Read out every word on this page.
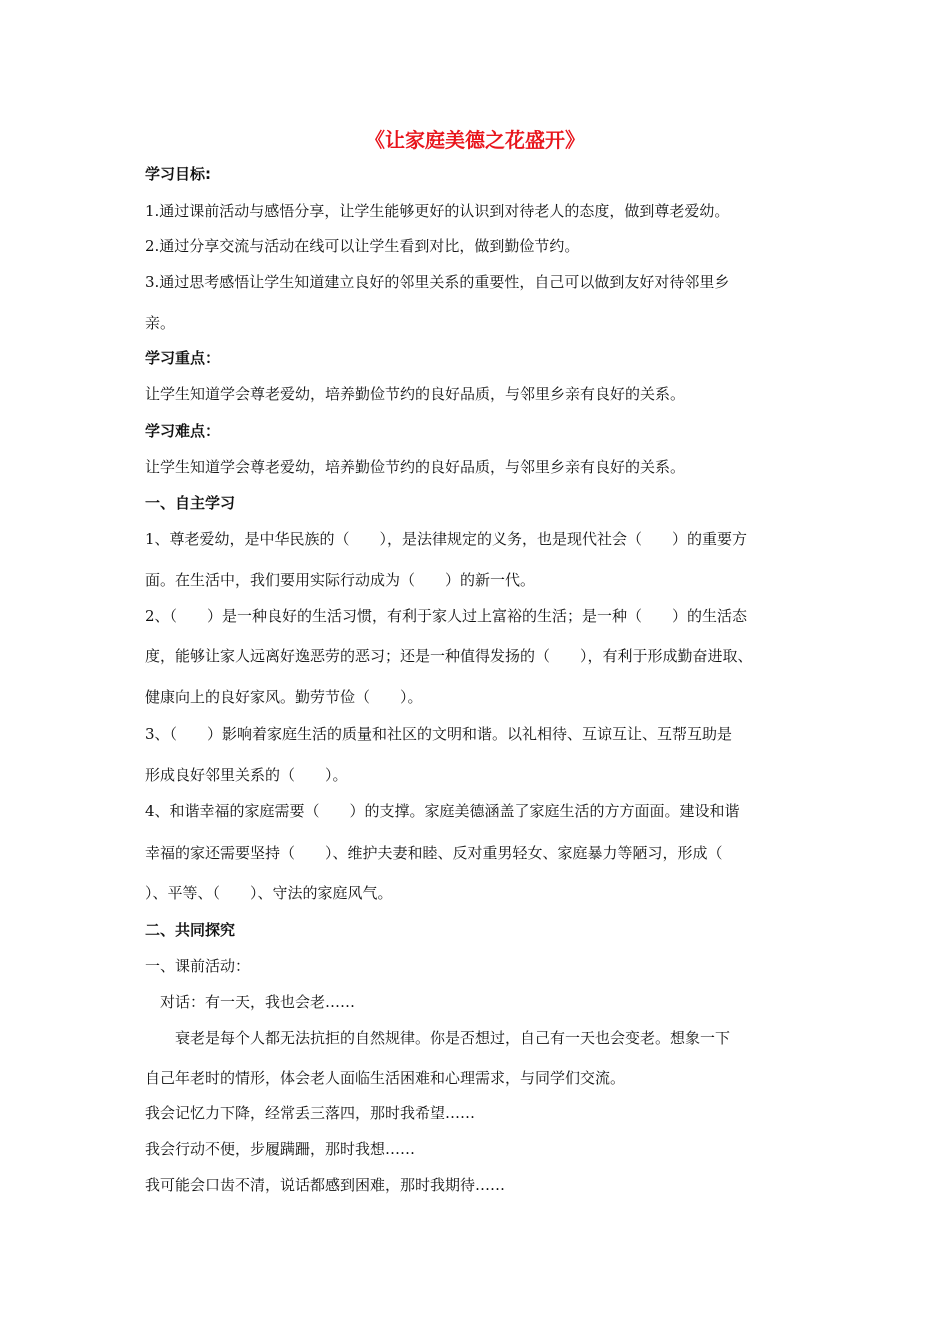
《让家庭美德之花盛开》
学习目标:
1.通过课前活动与感悟分享，让学生能够更好的认识到对待老人的态度，做到尊老爱幼。
2.通过分享交流与活动在线可以让学生看到对比，做到勤俭节约。
3.通过思考感悟让学生知道建立良好的邻里关系的重要性，自己可以做到友好对待邻里乡
亲。
学习重点：
让学生知道学会尊老爱幼，培养勤俭节约的良好品质，与邻里乡亲有良好的关系。
学习难点：
让学生知道学会尊老爱幼，培养勤俭节约的良好品质，与邻里乡亲有良好的关系。
一、自主学习
1、尊老爱幼，是中华民族的（　　），是法律规定的义务，也是现代社会（　　）的重要方
面。在生活中，我们要用实际行动成为（　　）的新一代。
2、（　　）是一种良好的生活习惯，有利于家人过上富裕的生活；是一种（　　）的生活态
度，能够让家人远离好逸恶劳的恶习；还是一种值得发扬的（　　），有利于形成勤奋进取、
健康向上的良好家风。勤劳节俭（　　）。
3、（　　）影响着家庭生活的质量和社区的文明和谐。以礼相待、互谅互让、互帮互助是
形成良好邻里关系的（　　）。
4、和谐幸福的家庭需要（　　）的支撑。家庭美德涵盖了家庭生活的方方面面。建设和谐
幸福的家还需要坚持（　　）、维护夫妻和睦、反对重男轻女、家庭暴力等陋习，形成（
）、平等、（　　）、守法的家庭风气。
二、共同探究
一、课前活动：
　对话：有一天，我也会老……
　　衰老是每个人都无法抗拒的自然规律。你是否想过，自己有一天也会变老。想象一下
自己年老时的情形，体会老人面临生活困难和心理需求，与同学们交流。
我会记忆力下降，经常丢三落四，那时我希望……
我会行动不便，步履蹒跚，那时我想……
我可能会口齿不清，说话都感到困难，那时我期待……
